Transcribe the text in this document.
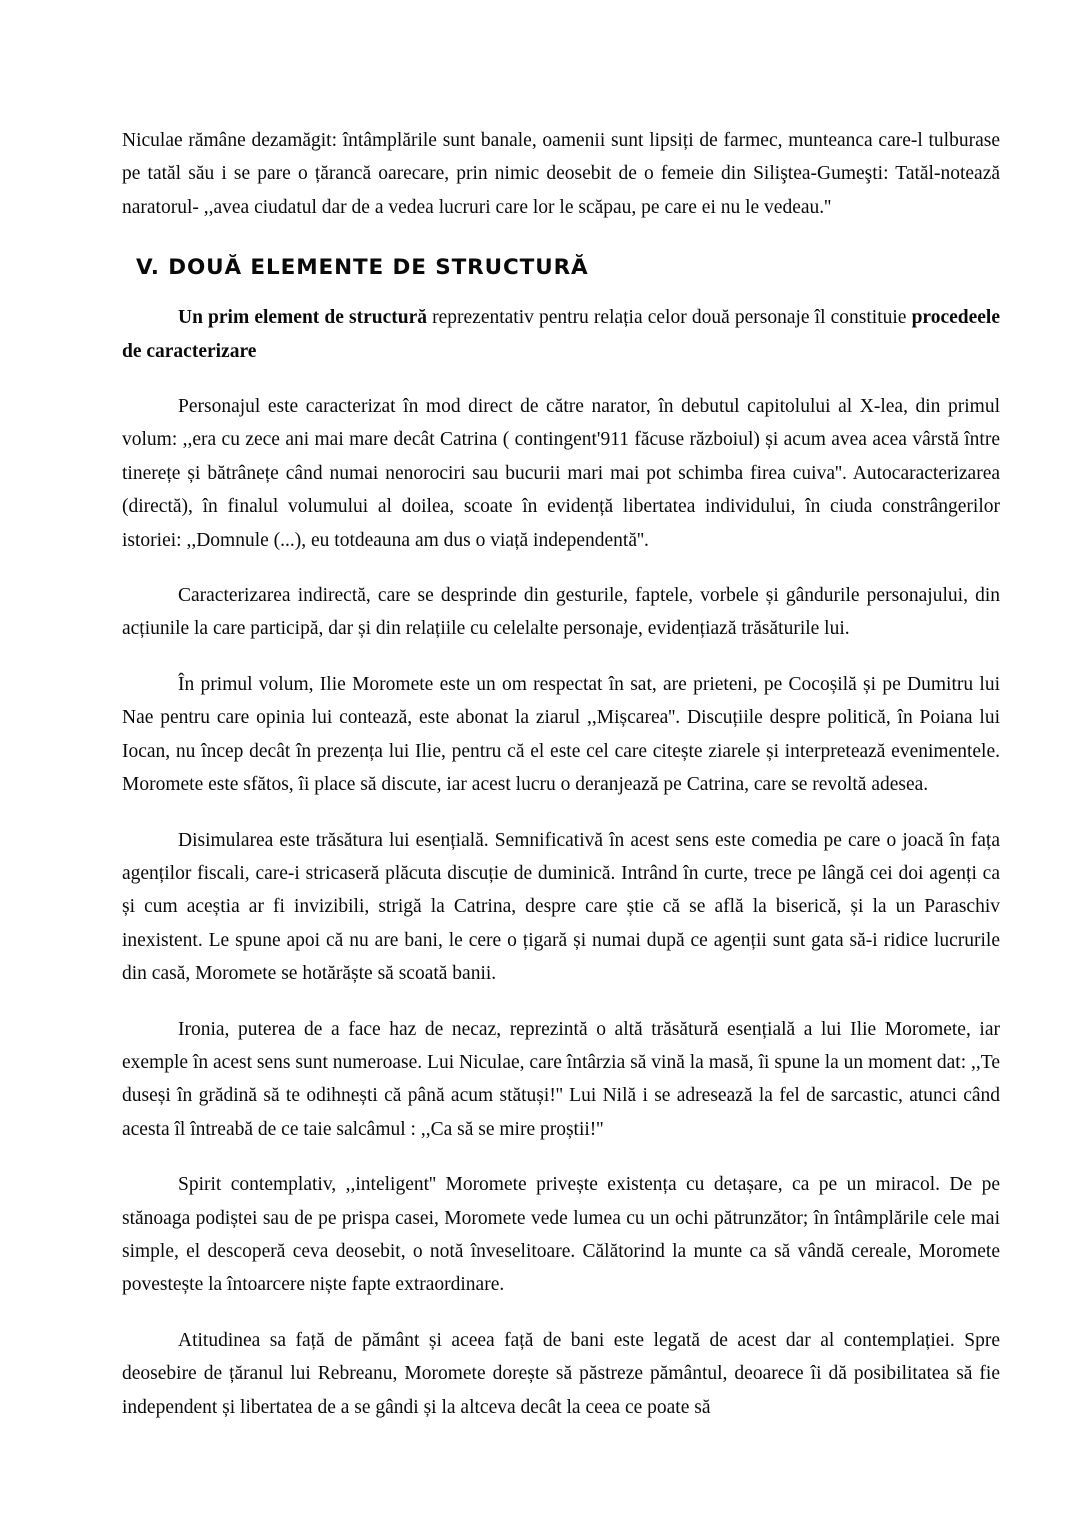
Niculae rămâne dezamăgit: întâmplările sunt banale, oamenii sunt lipsiți de farmec, munteanca care-l tulburase pe tatăl său i se pare o țărancă oarecare, prin nimic deosebit de o femeie din Siliştea-Gumeşti: Tatăl-notează naratorul- ,,avea ciudatul dar de a vedea lucruri care lor le scăpau, pe care ei nu le vedeau.''

V. DOUĂ ELEMENTE DE STRUCTURĂ

Un prim element de structură reprezentativ pentru relația celor două personaje îl constituie procedeele de caracterizare

Personajul este caracterizat în mod direct de către narator, în debutul capitolului al X-lea, din primul volum: ,,era cu zece ani mai mare decât Catrina ( contingent'911 făcuse războiul) și acum avea acea vârstă între tinerețe și bătrânețe când numai nenorociri sau bucurii mari mai pot schimba firea cuiva''. Autocaracterizarea (directă), în finalul volumului al doilea, scoate în evidență libertatea individului, în ciuda constrângerilor istoriei: ,,Domnule (...), eu totdeauna am dus o viață independentă''.

Caracterizarea indirectă, care se desprinde din gesturile, faptele, vorbele și gândurile personajului, din acțiunile la care participă, dar și din relațiile cu celelalte personaje, evidențiază trăsăturile lui.

În primul volum, Ilie Moromete este un om respectat în sat, are prieteni, pe Cocoșilă și pe Dumitru lui Nae pentru care opinia lui contează, este abonat la ziarul ,,Mișcarea''. Discuțiile despre politică, în Poiana lui Iocan, nu încep decât în prezența lui Ilie, pentru că el este cel care citește ziarele și interpretează evenimentele. Moromete este sfătos, îi place să discute, iar acest lucru o deranjează pe Catrina, care se revoltă adesea.

Disimularea este trăsătura lui esențială. Semnificativă în acest sens este comedia pe care o joacă în fața agenților fiscali, care-i stricaseră plăcuta discuție de duminică. Intrând în curte, trece pe lângă cei doi agenți ca și cum aceștia ar fi invizibili, strigă la Catrina, despre care știe că se află la biserică, și la un Paraschiv inexistent. Le spune apoi că nu are bani, le cere o țigară și numai după ce agenții sunt gata să-i ridice lucrurile din casă, Moromete se hotărăște să scoată banii.

Ironia, puterea de a face haz de necaz, reprezintă o altă trăsătură esențială a lui Ilie Moromete, iar exemple în acest sens sunt numeroase. Lui Niculae, care întârzia să vină la masă, îi spune la un moment dat: ,,Te duseși în grădină să te odihnești că până acum stătuși!'' Lui Nilă i se adresează la fel de sarcastic, atunci când acesta îl întreabă de ce taie salcâmul : ,,Ca să se mire proștii!''

Spirit contemplativ, ,,inteligent'' Moromete privește existența cu detașare, ca pe un miracol. De pe stănoaga podiștei sau de pe prispa casei, Moromete vede lumea cu un ochi pătrunzător; în întâmplările cele mai simple, el descoperă ceva deosebit, o notă înveselitoare. Călătorind la munte ca să vândă cereale, Moromete povestește la întoarcere niște fapte extraordinare.

Atitudinea sa față de pământ și aceea față de bani este legată de acest dar al contemplației. Spre deosebire de țăranul lui Rebreanu, Moromete dorește să păstreze pământul, deoarece îi dă posibilitatea să fie independent și libertatea de a se gândi și la altceva decât la ceea ce poate să
